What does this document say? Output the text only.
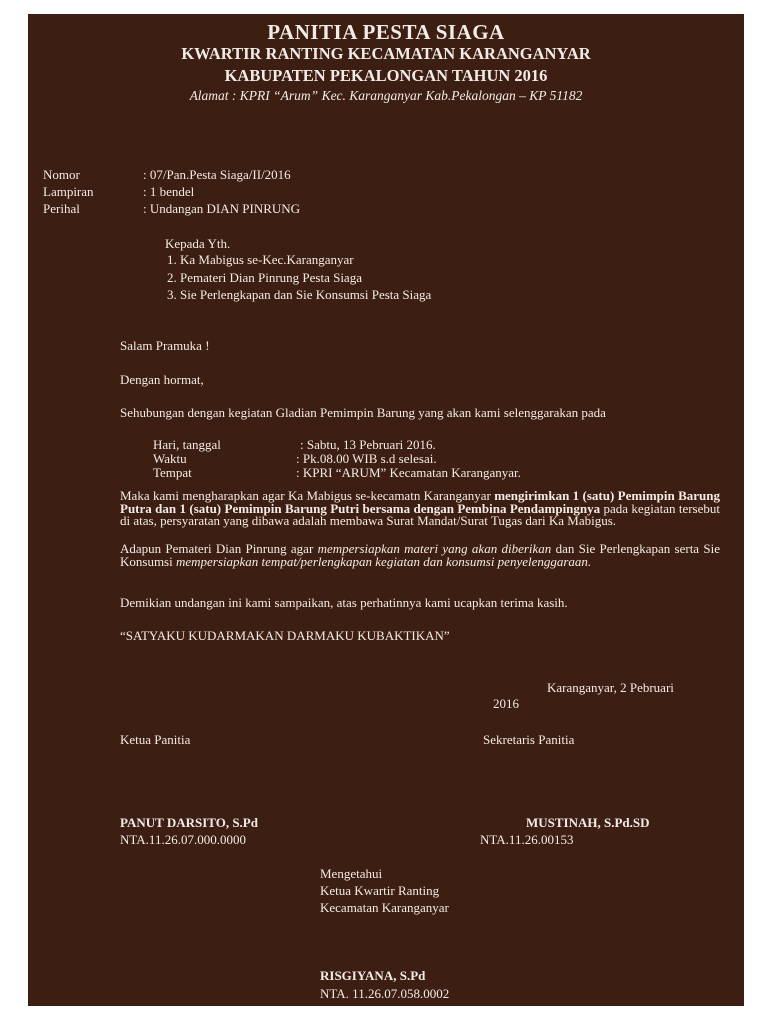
PANITIA PESTA SIAGA
KWARTIR RANTING KECAMATAN KARANGANYAR
KABUPATEN PEKALONGAN TAHUN 2016
Alamat : KPRI “Arum” Kec. Karanganyar Kab.Pekalongan – KP 51182
Nomor	: 07/Pan.Pesta Siaga/II/2016
Lampiran	: 1 bendel
Perihal	: Undangan DIAN PINRUNG
Kepada Yth.
1. Ka Mabigus se-Kec.Karanganyar
2. Pemateri Dian Pinrung Pesta Siaga
3. Sie Perlengkapan dan Sie Konsumsi Pesta Siaga
Salam Pramuka !
Dengan hormat,
Sehubungan dengan kegiatan Gladian Pemimpin Barung yang akan kami selenggarakan pada
Hari, tanggal	: Sabtu, 13 Pebruari 2016.
Waktu	: Pk.08.00 WIB s.d selesai.
Tempat	: KPRI “ARUM” Kecamatan Karanganyar.
Maka kami mengharapkan agar Ka Mabigus se-kecamatn Karanganyar mengirimkan 1 (satu) Pemimpin Barung Putra dan 1 (satu) Pemimpin Barung Putri bersama dengan Pembina Pendampingnya pada kegiatan tersebut di atas, persyaratan yang dibawa adalah membawa Surat Mandat/Surat Tugas dari Ka Mabigus.
Adapun Pemateri Dian Pinrung agar mempersiapkan materi yang akan diberikan dan Sie Perlengkapan serta Sie Konsumsi mempersiapkan tempat/perlengkapan kegiatan dan konsumsi penyelenggaraan.
Demikian undangan ini kami sampaikan, atas perhatinnya kami ucapkan terima kasih.
“SATYAKU KUDARMAKAN DARMAKU KUBAKTIKAN”
Karanganyar, 2 Pebruari
2016
Ketua Panitia	Sekretaris Panitia
PANUT DARSITO, S.Pd
NTA.11.26.07.000.0000
MUSTINAH, S.Pd.SD
NTA.11.26.00153
Mengetahui
Ketua Kwartir Ranting
Kecamatan Karanganyar
RISGIYANA, S.Pd
NTA. 11.26.07.058.0002
